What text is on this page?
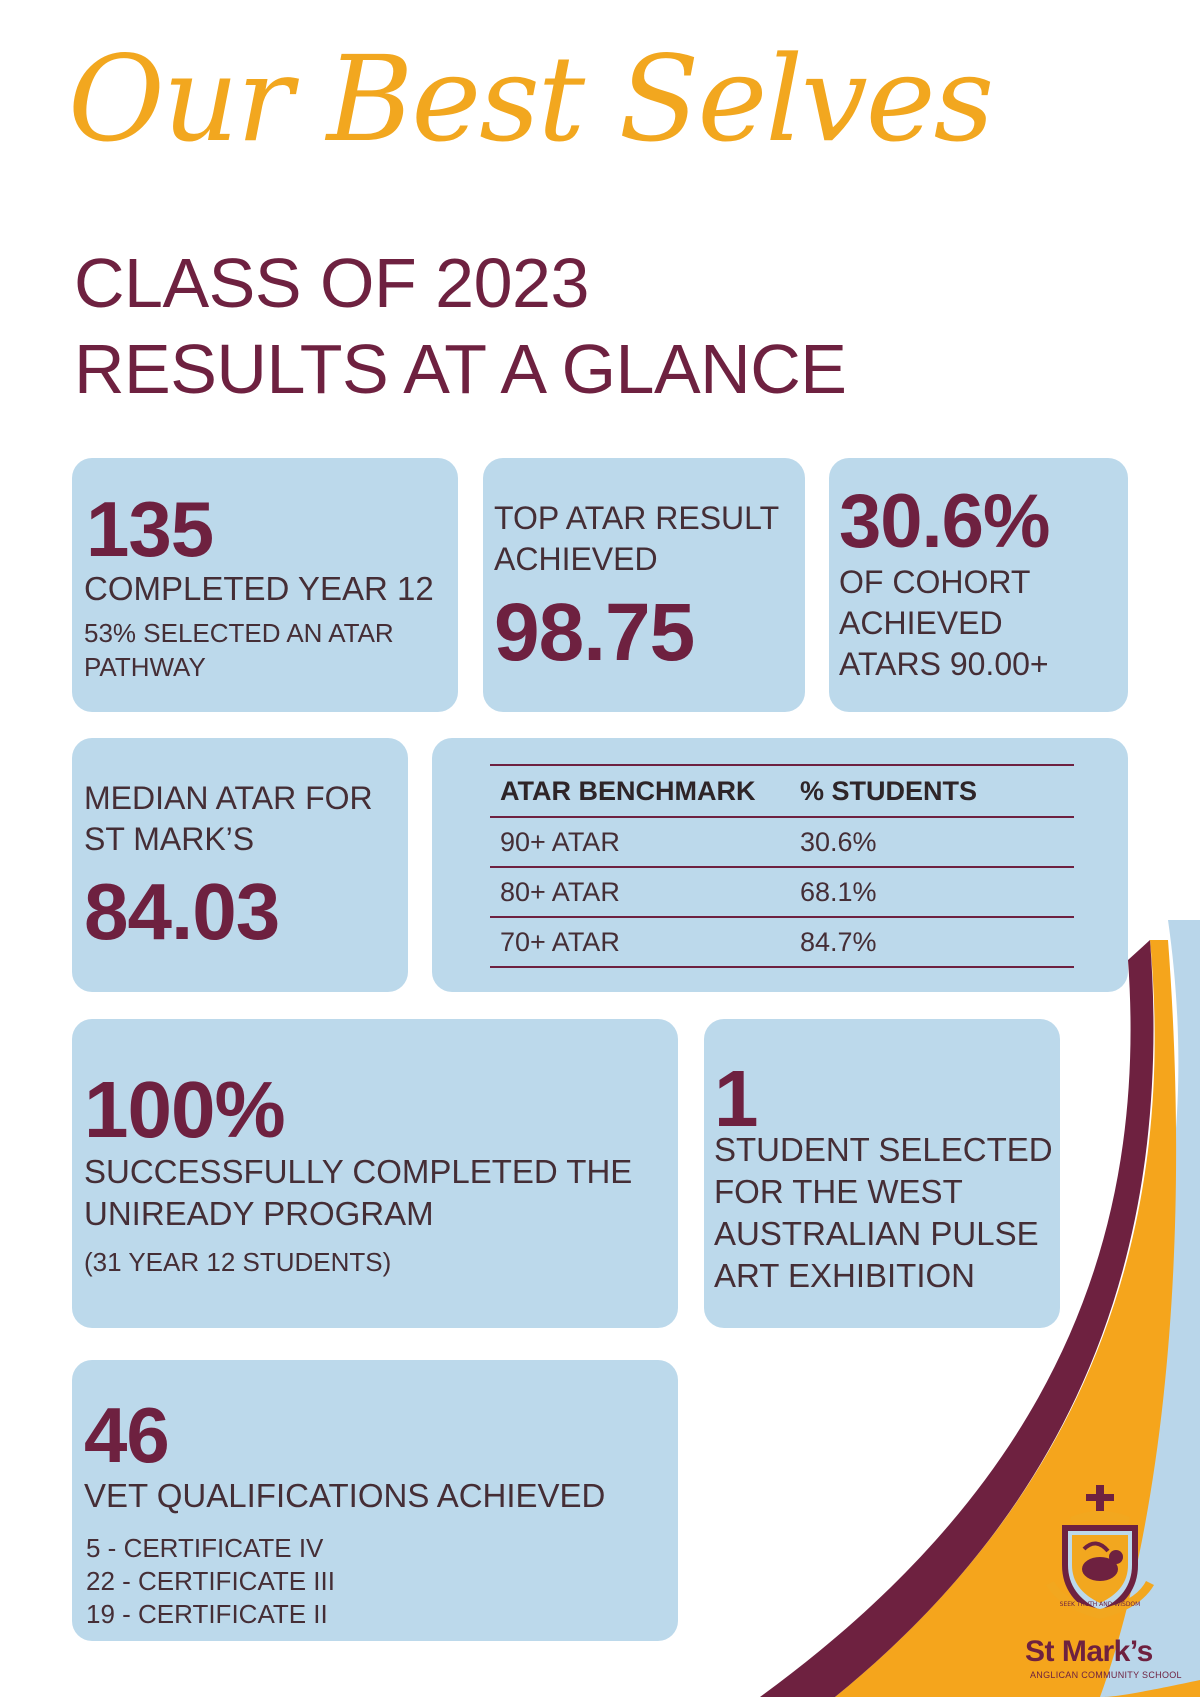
Our Best Selves
CLASS OF 2023
RESULTS AT A GLANCE
135
COMPLETED YEAR 12
53% SELECTED AN ATAR
PATHWAY
TOP ATAR RESULT
ACHIEVED
98.75
30.6%
OF COHORT
ACHIEVED
ATARS 90.00+
MEDIAN ATAR FOR
ST MARK’S
84.03
ATAR BENCHMARK	% STUDENTS
90+ ATAR	30.6%
80+ ATAR	68.1%
70+ ATAR	84.7%
100%
SUCCESSFULLY COMPLETED THE
UNIREADY PROGRAM
(31 YEAR 12 STUDENTS)
1
STUDENT SELECTED
FOR THE WEST
AUSTRALIAN PULSE
ART EXHIBITION
46
VET QUALIFICATIONS ACHIEVED
5 - CERTIFICATE IV
22 - CERTIFICATE III
19 - CERTIFICATE II	SEEK TRUTH AND WISDOM
St Mark’s
ANGLICAN COMMUNITY SCHOOL
